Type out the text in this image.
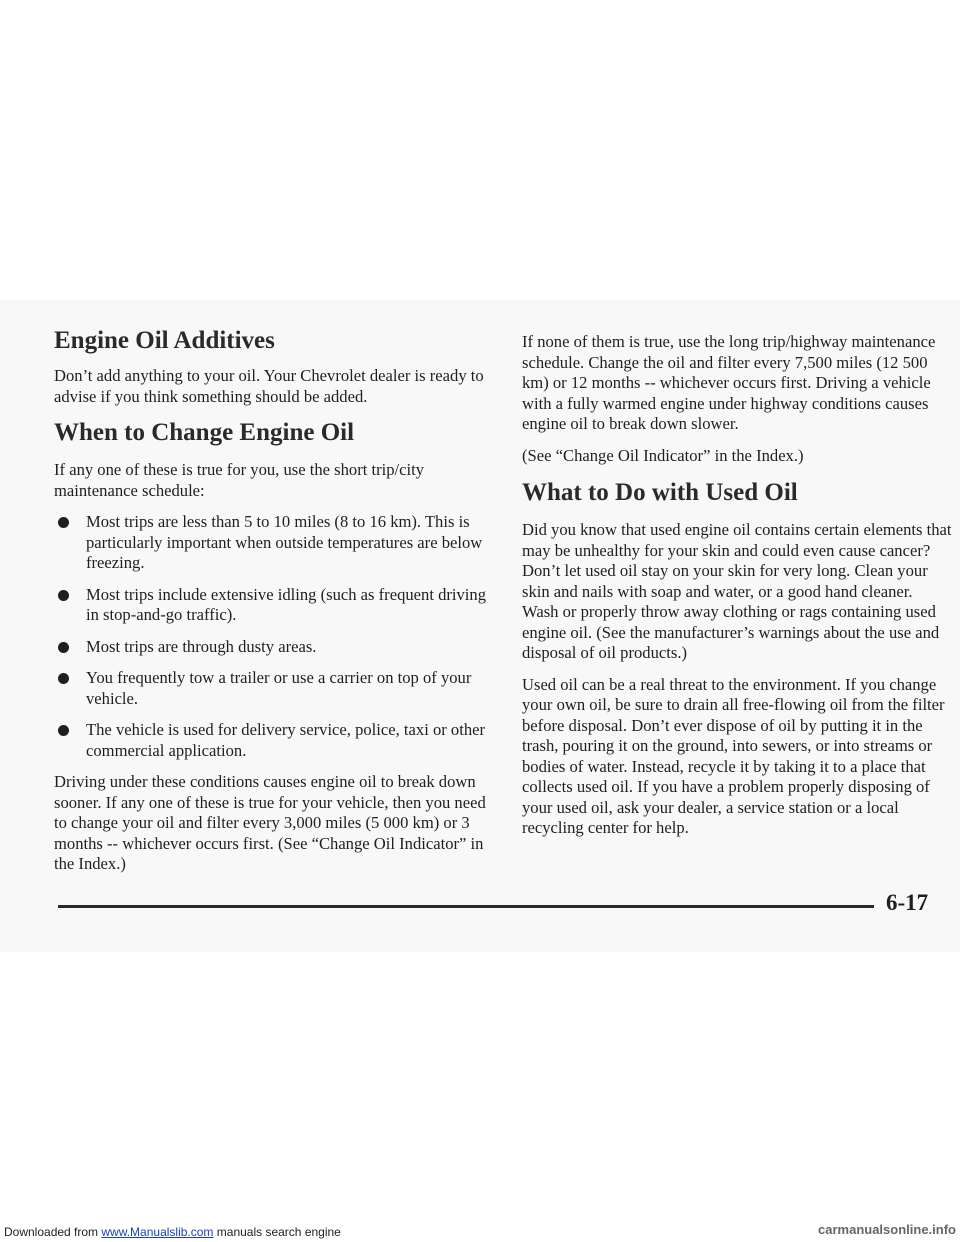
Engine Oil Additives

Don’t add anything to your oil. Your Chevrolet dealer is ready to advise if you think something should be added.

When to Change Engine Oil

If any one of these is true for you, use the short trip/city maintenance schedule:

Most trips are less than 5 to 10 miles (8 to 16 km). This is particularly important when outside temperatures are below freezing.
Most trips include extensive idling (such as frequent driving in stop-and-go traffic).
Most trips are through dusty areas.
You frequently tow a trailer or use a carrier on top of your vehicle.
The vehicle is used for delivery service, police, taxi or other commercial application.

Driving under these conditions causes engine oil to break down sooner. If any one of these is true for your vehicle, then you need to change your oil and filter every 3,000 miles (5 000 km) or 3 months -- whichever occurs first. (See “Change Oil Indicator” in the Index.)

If none of them is true, use the long trip/highway maintenance schedule. Change the oil and filter every 7,500 miles (12 500 km) or 12 months -- whichever occurs first. Driving a vehicle with a fully warmed engine under highway conditions causes engine oil to break down slower.

(See “Change Oil Indicator” in the Index.)

What to Do with Used Oil

Did you know that used engine oil contains certain elements that may be unhealthy for your skin and could even cause cancer? Don’t let used oil stay on your skin for very long. Clean your skin and nails with soap and water, or a good hand cleaner. Wash or properly throw away clothing or rags containing used engine oil. (See the manufacturer’s warnings about the use and disposal of oil products.)

Used oil can be a real threat to the environment. If you change your own oil, be sure to drain all free-flowing oil from the filter before disposal. Don’t ever dispose of oil by putting it in the trash, pouring it on the ground, into sewers, or into streams or bodies of water. Instead, recycle it by taking it to a place that collects used oil. If you have a problem properly disposing of your used oil, ask your dealer, a service station or a local recycling center for help.

6-17
Downloaded from www.Manualslib.com manuals search engine	carmanualsonline.info
